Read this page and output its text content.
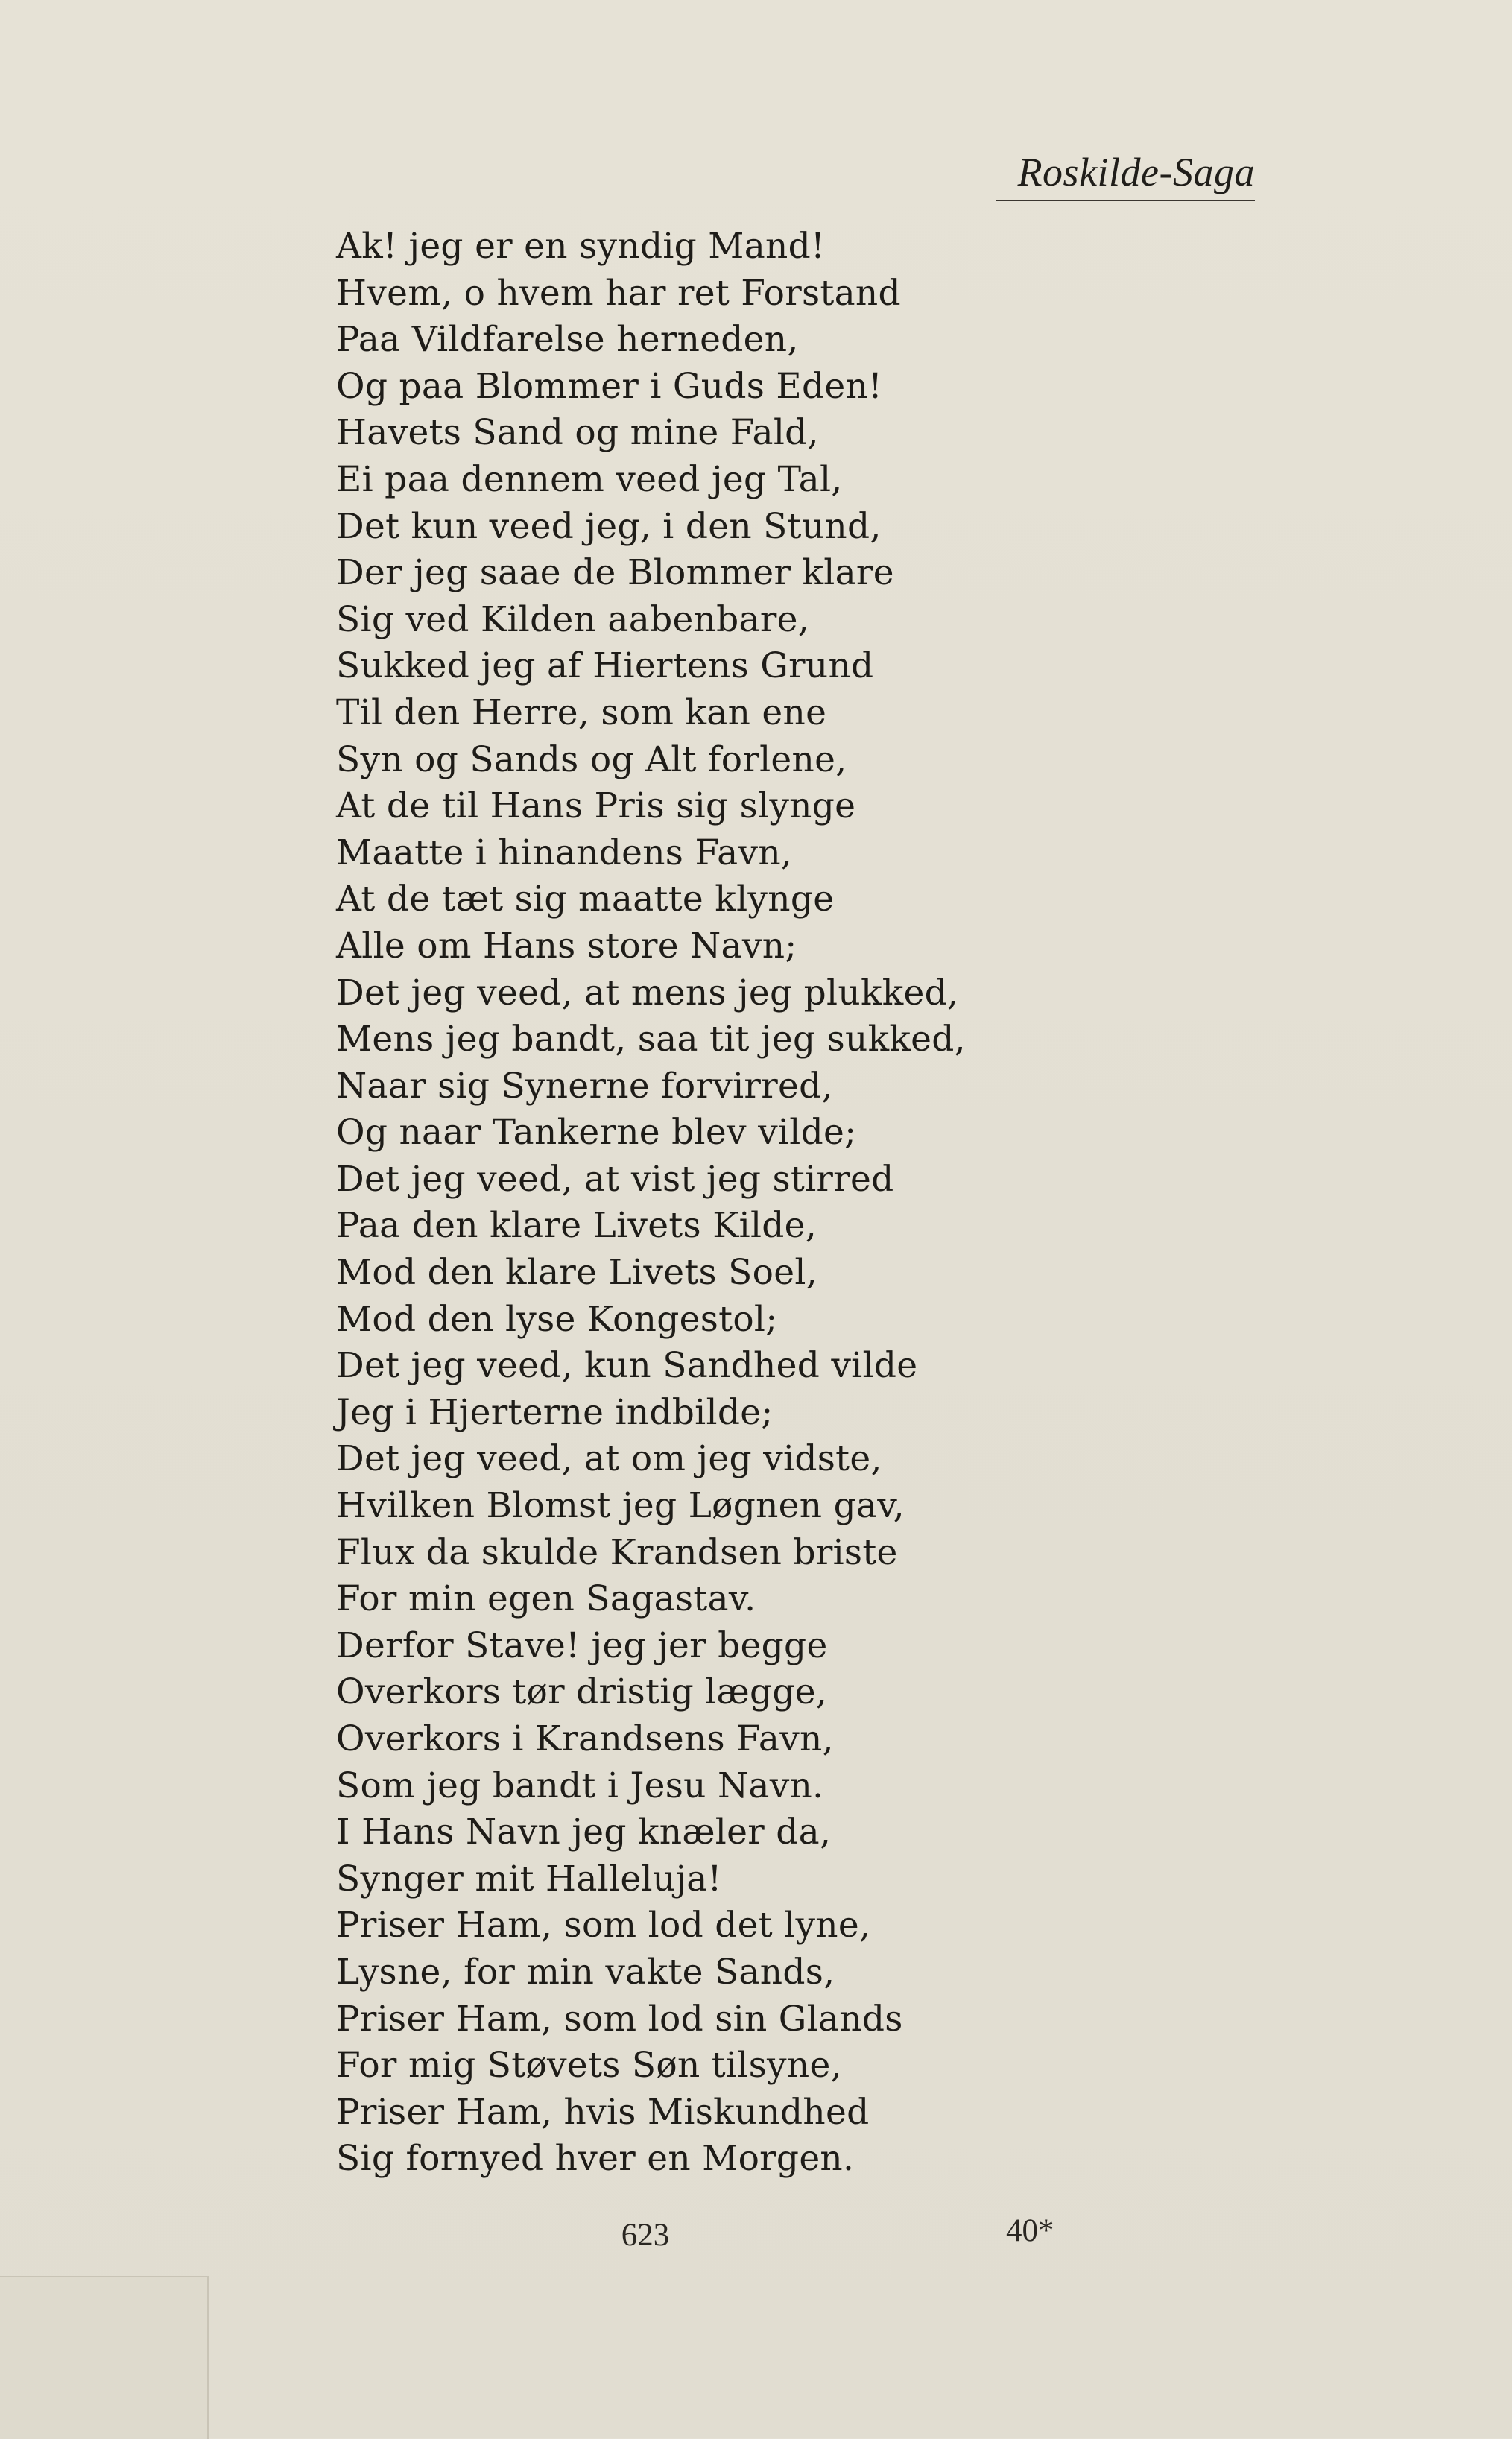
Roskilde-Saga
Ak! jeg er en syndig Mand!
Hvem, o hvem har ret Forstand
Paa Vildfarelse herneden,
Og paa Blommer i Guds Eden!
Havets Sand og mine Fald,
Ei paa dennem veed jeg Tal,
Det kun veed jeg, i den Stund,
Der jeg saae de Blommer klare
Sig ved Kilden aabenbare,
Sukked jeg af Hiertens Grund
Til den Herre, som kan ene
Syn og Sands og Alt forlene,
At de til Hans Pris sig slynge
Maatte i hinandens Favn,
At de tæt sig maatte klynge
Alle om Hans store Navn;
Det jeg veed, at mens jeg plukked,
Mens jeg bandt, saa tit jeg sukked,
Naar sig Synerne forvirred,
Og naar Tankerne blev vilde;
Det jeg veed, at vist jeg stirred
Paa den klare Livets Kilde,
Mod den klare Livets Soel,
Mod den lyse Kongestol;
Det jeg veed, kun Sandhed vilde
Jeg i Hjerterne indbilde;
Det jeg veed, at om jeg vidste,
Hvilken Blomst jeg Løgnen gav,
Flux da skulde Krandsen briste
For min egen Sagastav.
Derfor Stave! jeg jer begge
Overkors tør dristig lægge,
Overkors i Krandsens Favn,
Som jeg bandt i Jesu Navn.
I Hans Navn jeg knæler da,
Synger mit Halleluja!
Priser Ham, som lod det lyne,
Lysne, for min vakte Sands,
Priser Ham, som lod sin Glands
For mig Støvets Søn tilsyne,
Priser Ham, hvis Miskundhed
Sig fornyed hver en Morgen.
623	40*
